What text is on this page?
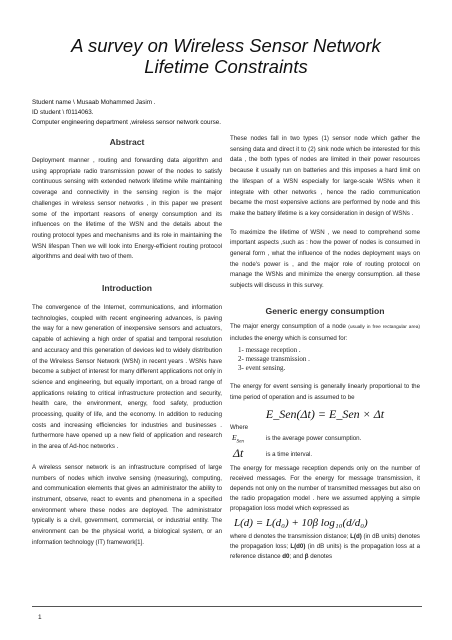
A survey on Wireless Sensor Network
Lifetime Constraints
Student name \ Musaab Mohammed Jasim .
ID student \ f0114063.
Computer engineering department ,wireless sensor network course.
Abstract

Deployment manner , routing and forwarding data algorithm and using appropriate radio transmission power of the nodes to satisfy continuous sensing with extended network lifetime while maintaining coverage and connectivity in the sensing region is the major challenges in wireless sensor networks , in this paper we present some of the important reasons of energy consumption and its influences on the lifetime of the WSN and the details about the routing protocol types and mechanisms and its role in maintaining the WSN lifespan Then we will look into Energy-efficient routing protocol algorithms and deal with two of them.

Introduction

The convergence of the Internet, communications, and information technologies, coupled with recent engineering advances, is paving the way for a new generation of inexpensive sensors and actuators, capable of achieving a high order of spatial and temporal resolution and accuracy and this generation of devices led to widely distribution of the Wireless Sensor Network (WSN) in recent years . WSNs have become a subject of interest for many different applications not only in science and engineering, but equally important, on a broad range of applications relating to critical infrastructure protection and security, health care, the environment, energy, food safety, production processing, quality of life, and the economy. In addition to reducing costs and increasing efficiencies for industries and businesses . furthermore have opened up a new field of application and research in the area of Ad-hoc networks .

A wireless sensor network is an infrastructure comprised of large numbers of nodes which involve sensing (measuring), computing, and communication elements that gives an administrator the ability to instrument, observe, react to events and phenomena in a specified environment where these nodes are deployed. The administrator typically is a civil, government, commercial, or industrial entity. The environment can be the physical world, a biological system, or an information technology (IT) framework[1].

These nodes fall in two types (1) sensor node which gather the sensing data and direct it to (2) sink node which be interested for this data , the both types of nodes are limited in their power resources because it usually run on batteries and this imposes a hard limit on the lifespan of a WSN especially for large-scale WSNs when it integrate with other networks , hence the radio communication became the most expensive actions are performed by node and this make the battery lifetime is a key consideration in design of WSNs .

To maximize the lifetime of WSN , we need to comprehend some important aspects ,such as : how the power of nodes is consumed in general form , what the influence of the nodes deployment ways on the node's power is , and the major role of routing protocol on manage the WSNs and minimize the energy consumption. all these subjects will discuss in this survey.

Generic energy consumption

The major energy consumption of a node (usually in free rectangular area) includes the energy which is consumed for:

1- message reception .
2- message transmission .
3- event sensing.

The energy for event sensing is generally linearly proportional to the time period of operation and is assumed to be

E_Sen(Δt) = E_Sen × Δt
Where
$E_{Sen}$	is the average power consumption.
Δt	is a time interval.

The energy for message reception depends only on the number of received messages. For the energy for message transmission, it depends not only on the number of transmitted messages but also on the radio propagation model . here we assumed applying a simple propagation loss model which expressed as

L(d) = L(d₀) + 10β log₁₀(d/d₀)

where d denotes the transmission distance; L(d) (in dB units) denotes the propagation loss; L(d0) (in dB units) is the propagation loss at a reference distance d0; and β denotes

1
